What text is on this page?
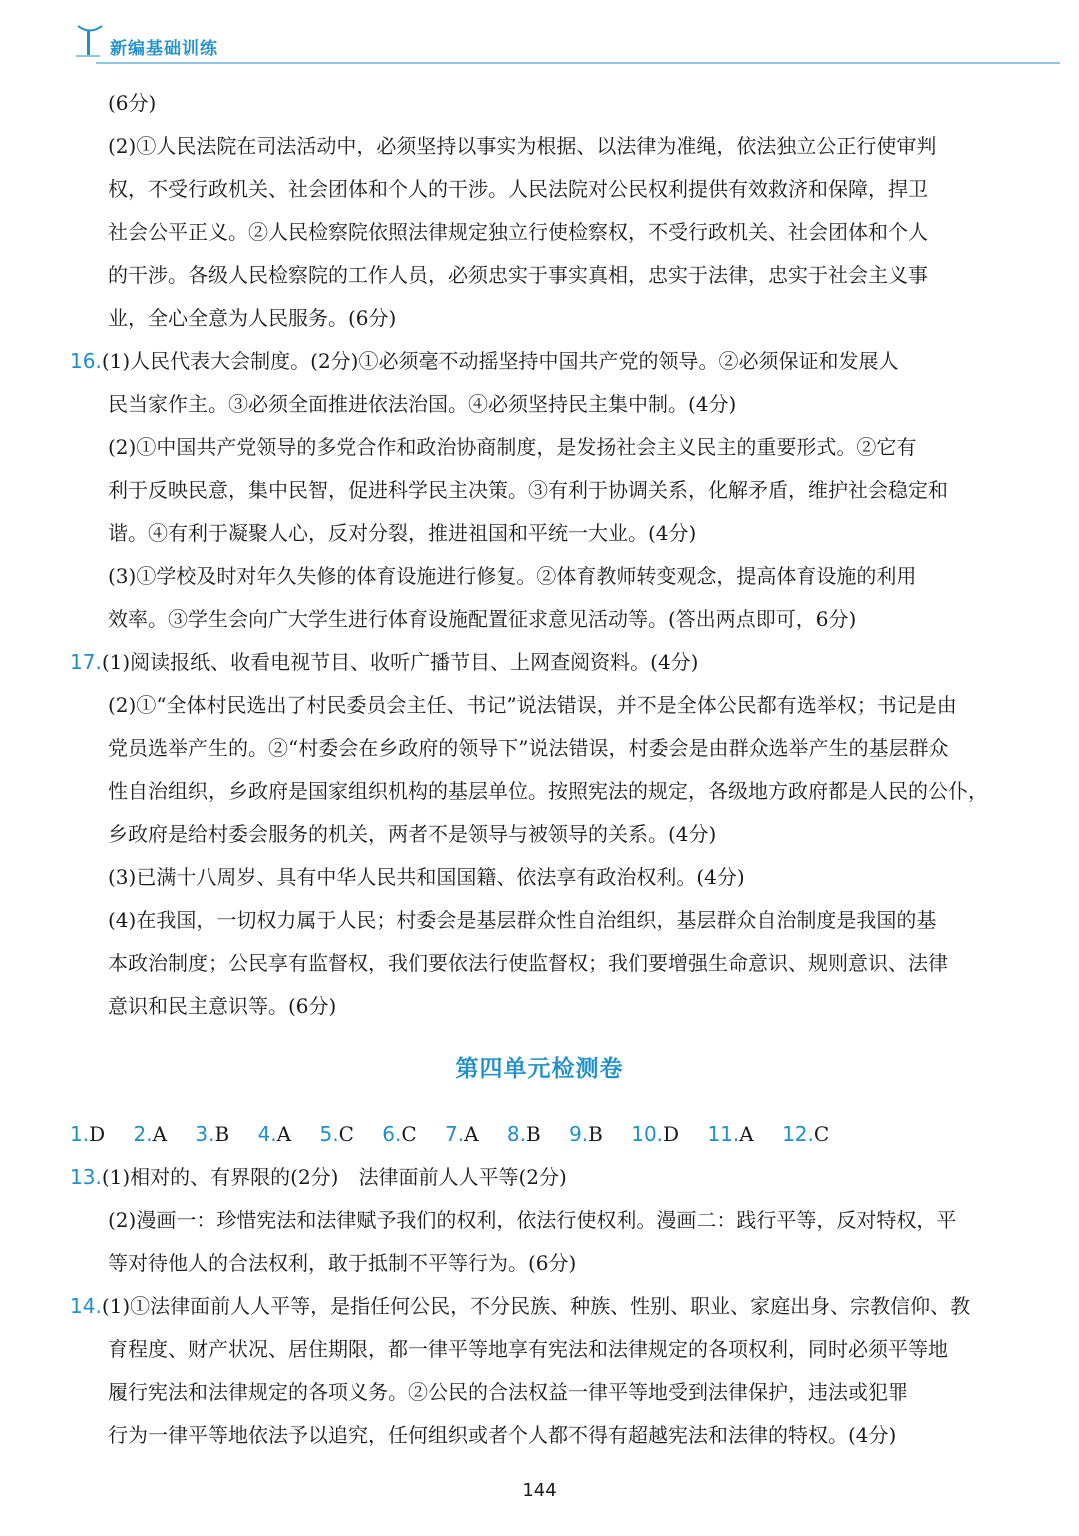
新编基础训练
(6分)
(2)①人民法院在司法活动中，必须坚持以事实为根据、以法律为准绳，依法独立公正行使审判
权，不受行政机关、社会团体和个人的干涉。人民法院对公民权利提供有效救济和保障，捍卫
社会公平正义。②人民检察院依照法律规定独立行使检察权，不受行政机关、社会团体和个人
的干涉。各级人民检察院的工作人员，必须忠实于事实真相，忠实于法律，忠实于社会主义事
业，全心全意为人民服务。(6分)
16.(1)人民代表大会制度。(2分)①必须毫不动摇坚持中国共产党的领导。②必须保证和发展人
民当家作主。③必须全面推进依法治国。④必须坚持民主集中制。(4分)
(2)①中国共产党领导的多党合作和政治协商制度，是发扬社会主义民主的重要形式。②它有
利于反映民意，集中民智，促进科学民主决策。③有利于协调关系，化解矛盾，维护社会稳定和
谐。④有利于凝聚人心，反对分裂，推进祖国和平统一大业。(4分)
(3)①学校及时对年久失修的体育设施进行修复。②体育教师转变观念，提高体育设施的利用
效率。③学生会向广大学生进行体育设施配置征求意见活动等。(答出两点即可，6分)
17.(1)阅读报纸、收看电视节目、收听广播节目、上网查阅资料。(4分)
(2)①“全体村民选出了村民委员会主任、书记”说法错误，并不是全体公民都有选举权；书记是由
党员选举产生的。②“村委会在乡政府的领导下”说法错误，村委会是由群众选举产生的基层群众
性自治组织，乡政府是国家组织机构的基层单位。按照宪法的规定，各级地方政府都是人民的公仆，
乡政府是给村委会服务的机关，两者不是领导与被领导的关系。(4分)
(3)已满十八周岁、具有中华人民共和国国籍、依法享有政治权利。(4分)
(4)在我国，一切权力属于人民；村委会是基层群众性自治组织，基层群众自治制度是我国的基
本政治制度；公民享有监督权，我们要依法行使监督权；我们要增强生命意识、规则意识、法律
意识和民主意识等。(6分)
第四单元检测卷
1.D 2.A 3.B 4.A 5.C 6.C 7.A 8.B 9.B 10.D 11.A 12.C
13.(1)相对的、有界限的(2分)　法律面前人人平等(2分)
(2)漫画一：珍惜宪法和法律赋予我们的权利，依法行使权利。漫画二：践行平等，反对特权，平
等对待他人的合法权利，敢于抵制不平等行为。(6分)
14.(1)①法律面前人人平等，是指任何公民，不分民族、种族、性别、职业、家庭出身、宗教信仰、教
育程度、财产状况、居住期限，都一律平等地享有宪法和法律规定的各项权利，同时必须平等地
履行宪法和法律规定的各项义务。②公民的合法权益一律平等地受到法律保护，违法或犯罪
行为一律平等地依法予以追究，任何组织或者个人都不得有超越宪法和法律的特权。(4分)
144
